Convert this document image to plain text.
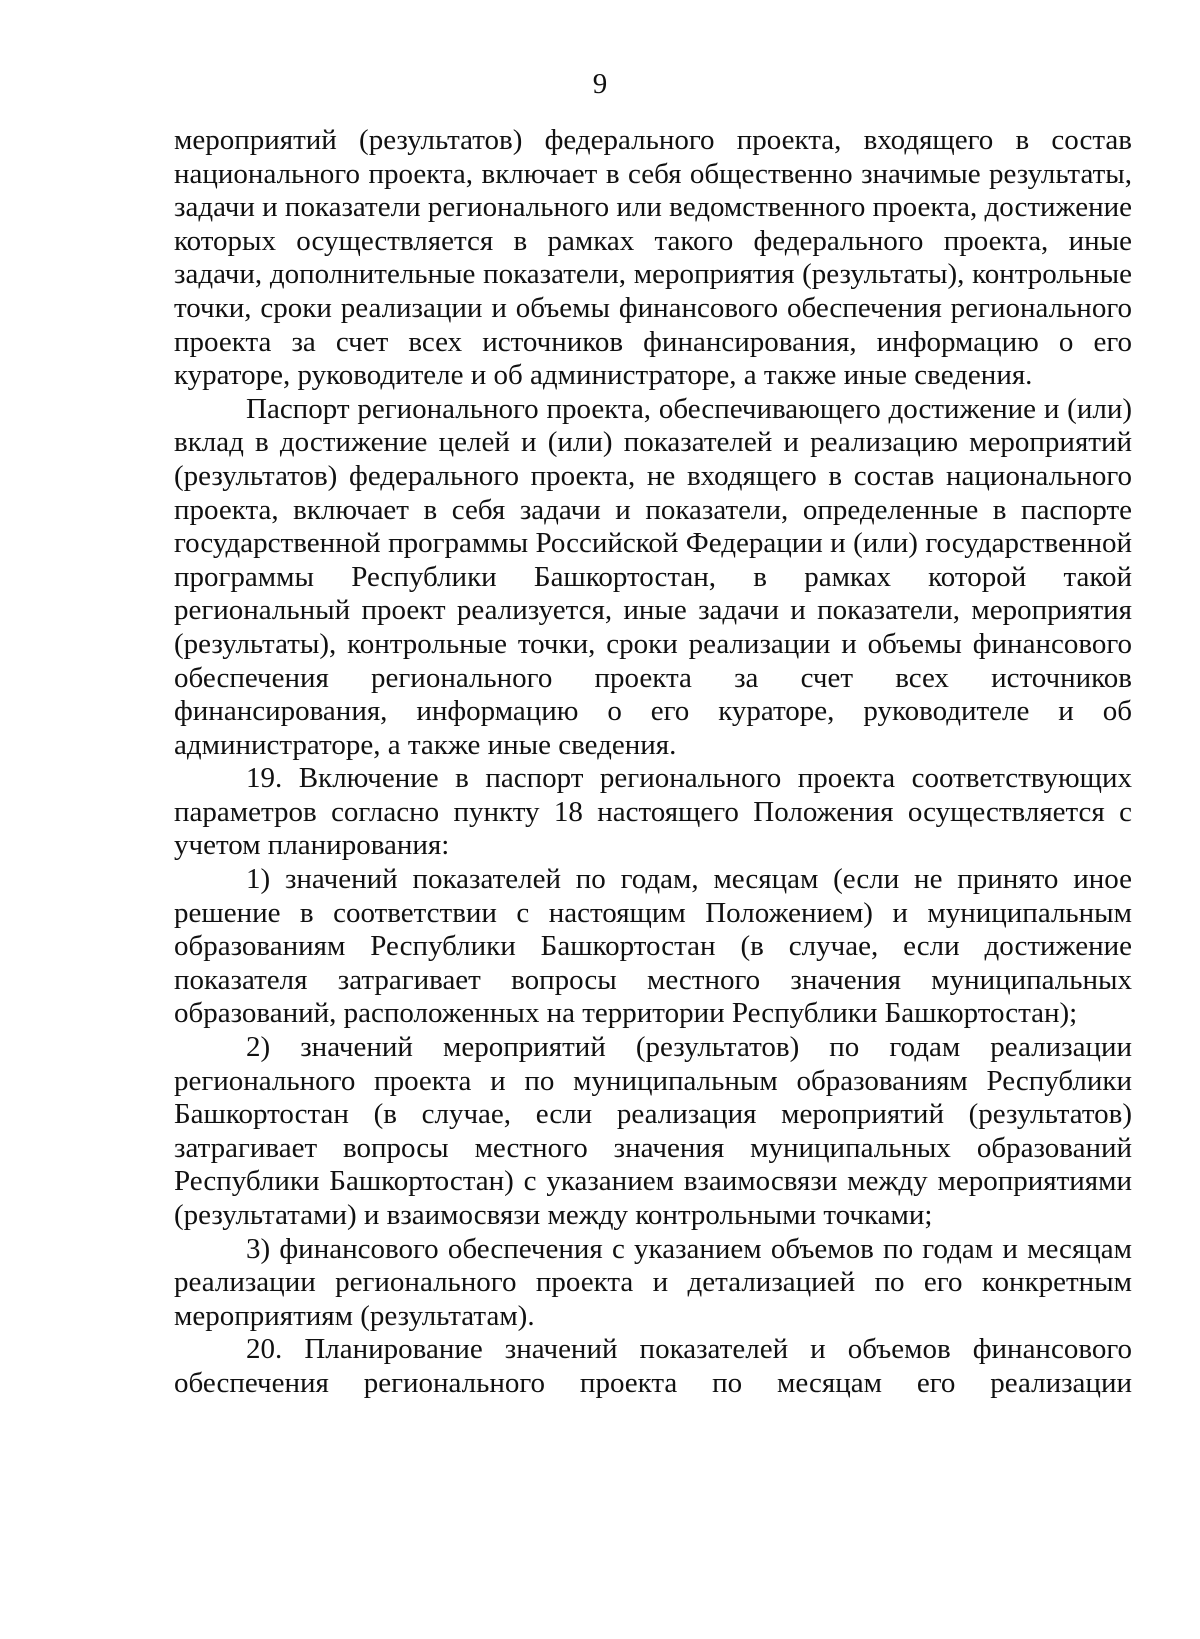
9

мероприятий (результатов) федерального проекта, входящего в состав национального проекта, включает в себя общественно значимые результаты, задачи и показатели регионального или ведомственного проекта, достижение которых осуществляется в рамках такого федерального проекта, иные задачи, дополнительные показатели, мероприятия (результаты), контрольные точки, сроки реализации и объемы финансового обеспечения регионального проекта за счет всех источников финансирования, информацию о его кураторе, руководителе и об администраторе, а также иные сведения.

Паспорт регионального проекта, обеспечивающего достижение и (или) вклад в достижение целей и (или) показателей и реализацию мероприятий (результатов) федерального проекта, не входящего в состав национального проекта, включает в себя задачи и показатели, определенные в паспорте государственной программы Российской Федерации и (или) государственной программы Республики Башкортостан, в рамках которой такой региональный проект реализуется, иные задачи и показатели, мероприятия (результаты), контрольные точки, сроки реализации и объемы финансового обеспечения регионального проекта за счет всех источников финансирования, информацию о его кураторе, руководителе и об администраторе, а также иные сведения.

19. Включение в паспорт регионального проекта соответствующих параметров согласно пункту 18 настоящего Положения осуществляется с учетом планирования:

1) значений показателей по годам, месяцам (если не принято иное решение в соответствии с настоящим Положением) и муниципальным образованиям Республики Башкортостан (в случае, если достижение показателя затрагивает вопросы местного значения муниципальных образований, расположенных на территории Республики Башкортостан);

2) значений мероприятий (результатов) по годам реализации регионального проекта и по муниципальным образованиям Республики Башкортостан (в случае, если реализация мероприятий (результатов) затрагивает вопросы местного значения муниципальных образований Республики Башкортостан) с указанием взаимосвязи между мероприятиями (результатами) и взаимосвязи между контрольными точками;

3) финансового обеспечения с указанием объемов по годам и месяцам реализации регионального проекта и детализацией по его конкретным мероприятиям (результатам).

20. Планирование значений показателей и объемов финансового обеспечения регионального проекта по месяцам его реализации
